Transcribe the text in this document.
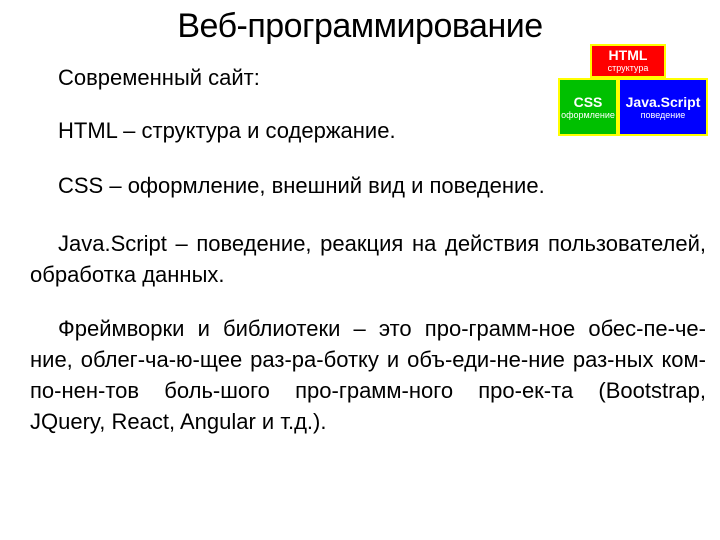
Веб-программирование
Современный сайт:
HTML – структура и содержание.
CSS – оформление, внешний вид и поведение.
Java.Script – поведение, реакция на действия пользователей, обработка данных.
Фреймворки и библиотеки – это про-грамм-ное обес-пе-че-ние, облег-ча-ю-щее раз-ра-ботку и объ-еди-не-ние раз-ных ком-по-нен-тов боль-шого про-грамм-ного про-ек-та (Bootstrap, JQuery, React, Angular и т.д.).
HTML
структура
CSS
оформление
Java.Script
поведение
